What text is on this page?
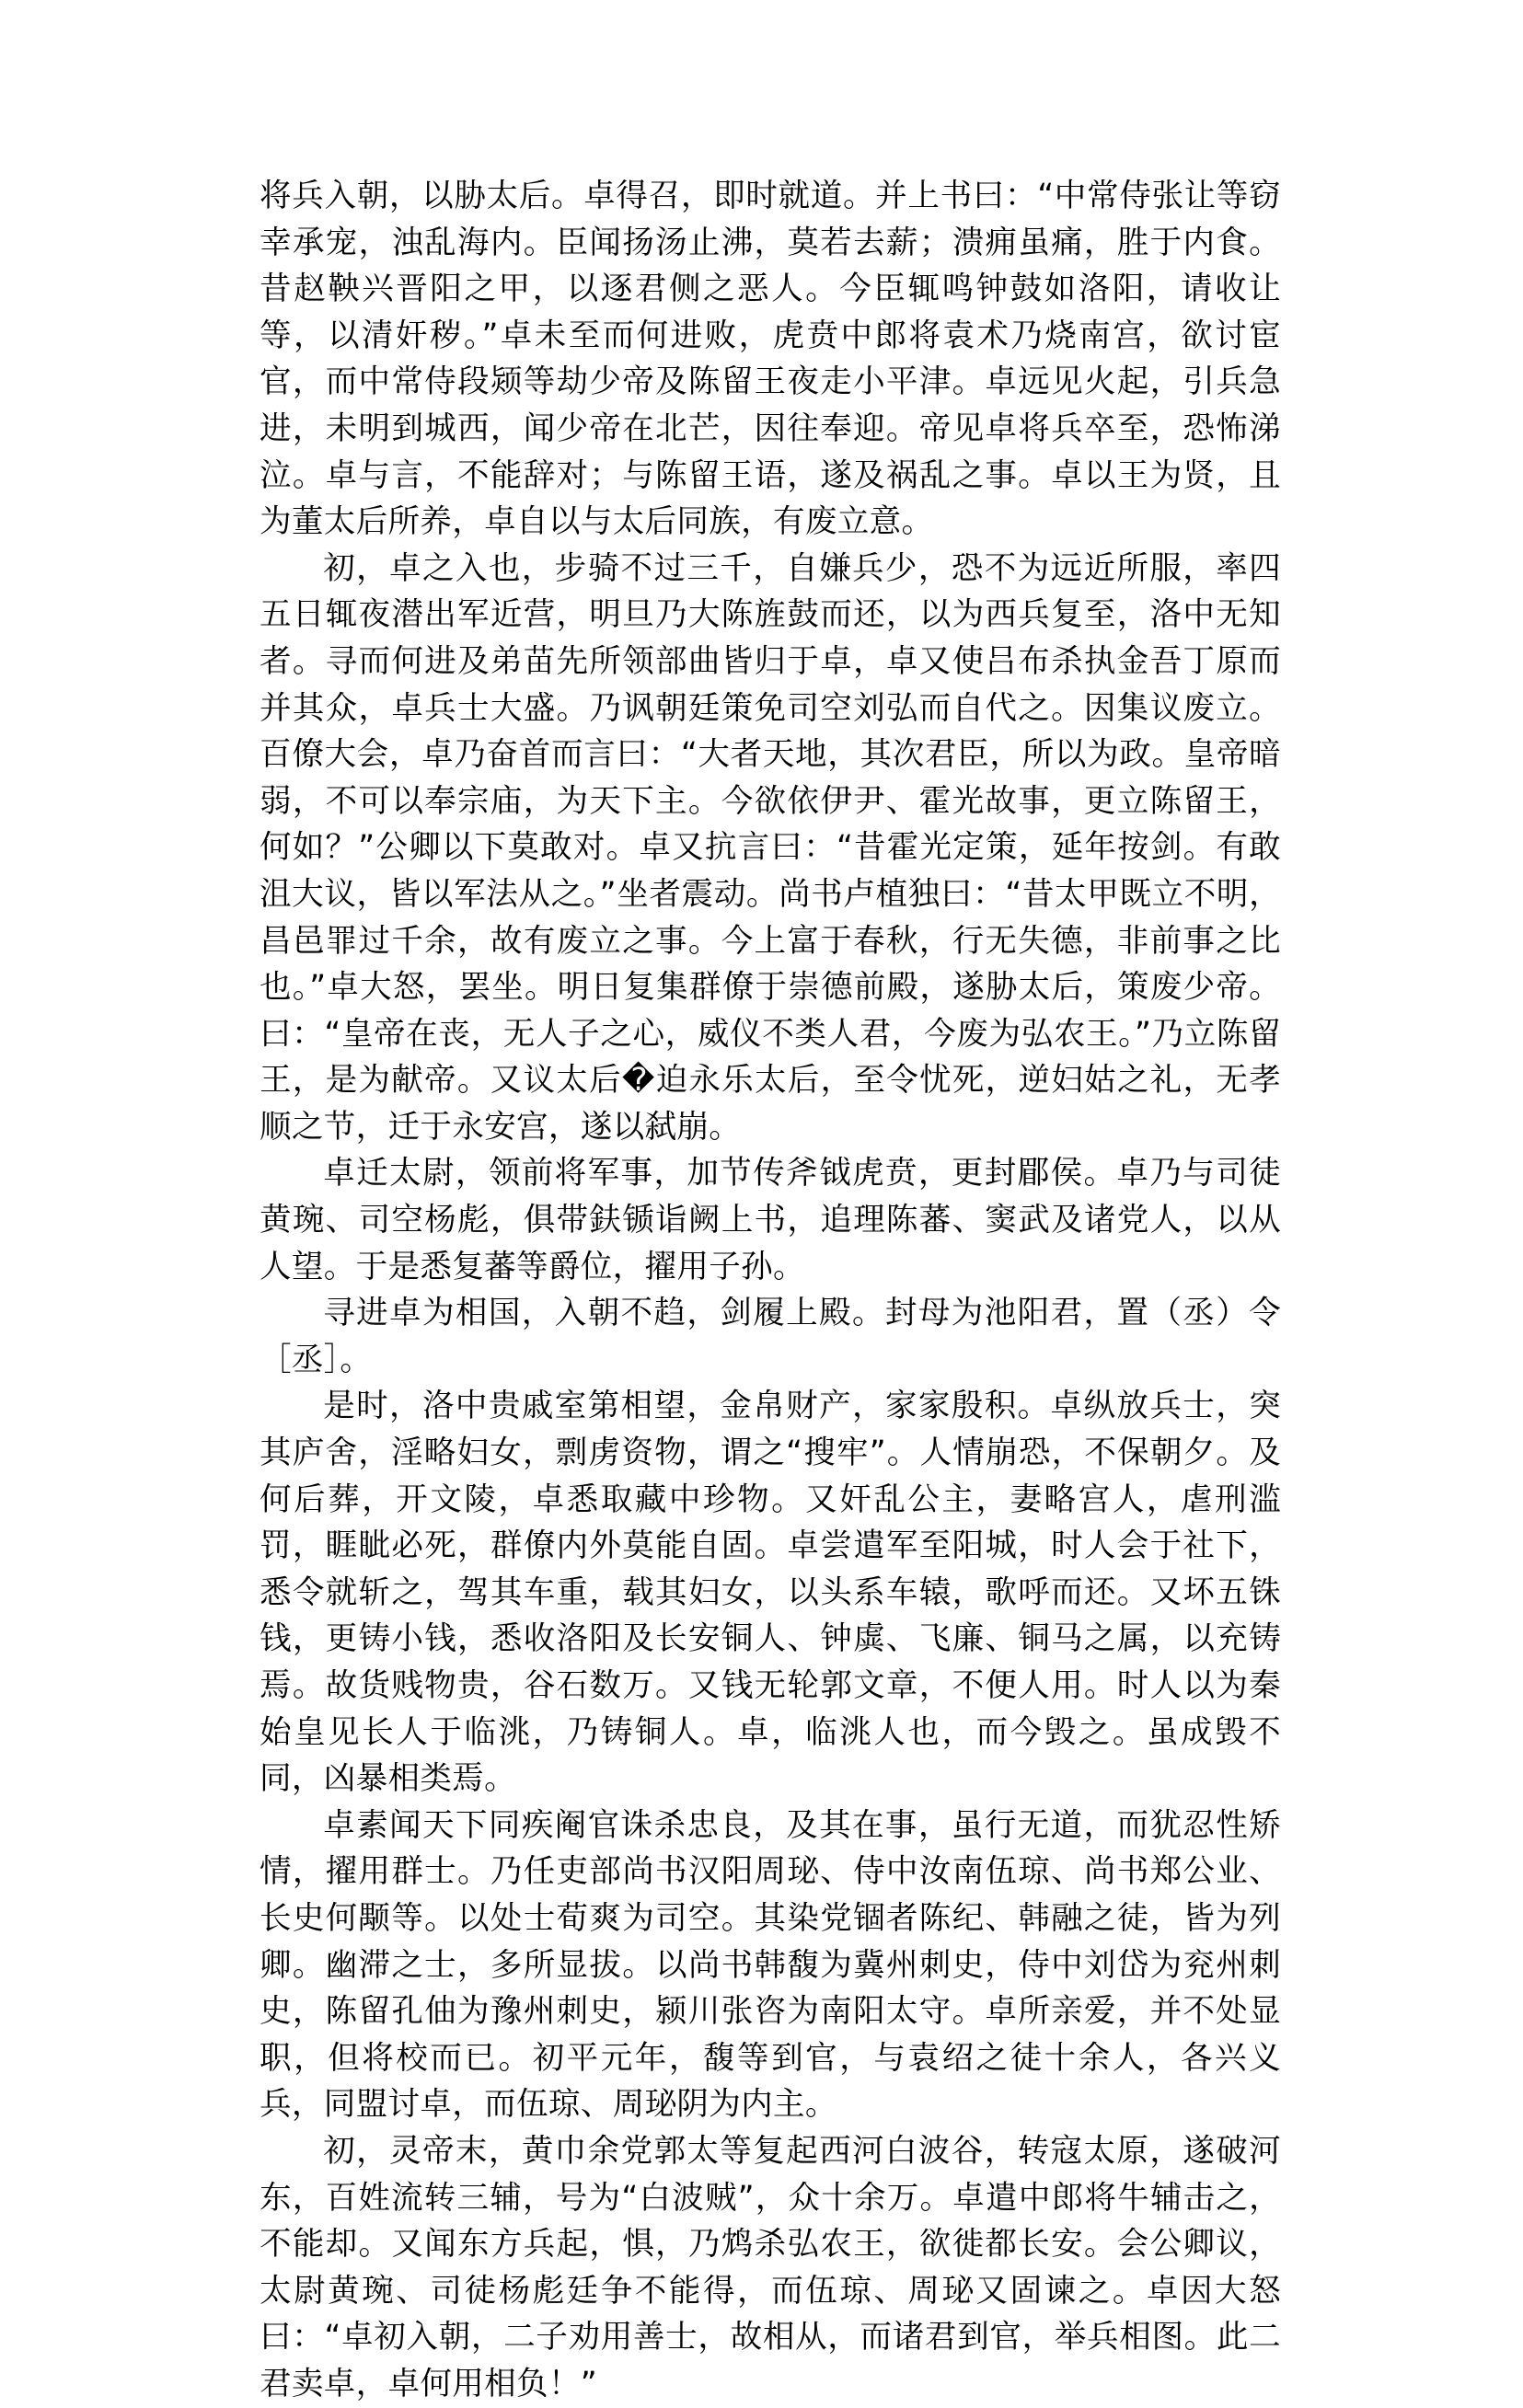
将兵入朝，以胁太后。卓得召，即时就道。并上书曰：“中常侍张让等窃幸承宠，浊乱海内。臣闻扬汤止沸，莫若去薪；溃痈虽痛，胜于内食。昔赵鞅兴晋阳之甲，以逐君侧之恶人。今臣辄鸣钟鼓如洛阳，请收让等，以清奸秽。”卓未至而何进败，虎贲中郎将袁术乃烧南宫，欲讨宦官，而中常侍段颎等劫少帝及陈留王夜走小平津。卓远见火起，引兵急进，未明到城西，闻少帝在北芒，因往奉迎。帝见卓将兵卒至，恐怖涕泣。卓与言，不能辞对；与陈留王语，遂及祸乱之事。卓以王为贤，且为董太后所养，卓自以与太后同族，有废立意。

初，卓之入也，步骑不过三千，自嫌兵少，恐不为远近所服，率四五日辄夜潜出军近营，明旦乃大陈旌鼓而还，以为西兵复至，洛中无知者。寻而何进及弟苗先所领部曲皆归于卓，卓又使吕布杀执金吾丁原而并其众，卓兵士大盛。乃讽朝廷策免司空刘弘而自代之。因集议废立。百僚大会，卓乃奋首而言曰：“大者天地，其次君臣，所以为政。皇帝暗弱，不可以奉宗庙，为天下主。今欲依伊尹、霍光故事，更立陈留王，何如？”公卿以下莫敢对。卓又抗言曰：“昔霍光定策，延年按剑。有敢沮大议，皆以军法从之。”坐者震动。尚书卢植独曰：“昔太甲既立不明，昌邑罪过千余，故有废立之事。今上富于春秋，行无失德，非前事之比也。”卓大怒，罢坐。明日复集群僚于崇德前殿，遂胁太后，策废少帝。曰：“皇帝在丧，无人子之心，威仪不类人君，今废为弘农王。”乃立陈留王，是为献帝。又议太后�迫永乐太后，至令忧死，逆妇姑之礼，无孝顺之节，迁于永安宫，遂以弑崩。

卓迁太尉，领前将军事，加节传斧钺虎贲，更封郿侯。卓乃与司徒黄琬、司空杨彪，俱带鈇锧诣阙上书，追理陈蕃、窦武及诸党人，以从人望。于是悉复蕃等爵位，擢用子孙。

寻进卓为相国，入朝不趋，剑履上殿。封母为池阳君，置（丞）令［丞］。

是时，洛中贵戚室第相望，金帛财产，家家殷积。卓纵放兵士，突其庐舍，淫略妇女，剽虏资物，谓之“搜牢”。人情崩恐，不保朝夕。及何后葬，开文陵，卓悉取藏中珍物。又奸乱公主，妻略宫人，虐刑滥罚，睚眦必死，群僚内外莫能自固。卓尝遣军至阳城，时人会于社下，悉令就斩之，驾其车重，载其妇女，以头系车辕，歌呼而还。又坏五铢钱，更铸小钱，悉收洛阳及长安铜人、钟虡、飞廉、铜马之属，以充铸焉。故货贱物贵，谷石数万。又钱无轮郭文章，不便人用。时人以为秦始皇见长人于临洮，乃铸铜人。卓，临洮人也，而今毁之。虽成毁不同，凶暴相类焉。

卓素闻天下同疾阉官诛杀忠良，及其在事，虽行无道，而犹忍性矫情，擢用群士。乃任吏部尚书汉阳周珌、侍中汝南伍琼、尚书郑公业、长史何颙等。以处士荀爽为司空。其染党锢者陈纪、韩融之徒，皆为列卿。幽滞之士，多所显拔。以尚书韩馥为冀州刺史，侍中刘岱为兖州刺史，陈留孔伷为豫州刺史，颍川张咨为南阳太守。卓所亲爱，并不处显职，但将校而已。初平元年，馥等到官，与袁绍之徒十余人，各兴义兵，同盟讨卓，而伍琼、周珌阴为内主。

初，灵帝末，黄巾余党郭太等复起西河白波谷，转寇太原，遂破河东，百姓流转三辅，号为“白波贼”，众十余万。卓遣中郎将牛辅击之，不能却。又闻东方兵起，惧，乃鸩杀弘农王，欲徙都长安。会公卿议，太尉黄琬、司徒杨彪廷争不能得，而伍琼、周珌又固谏之。卓因大怒曰：“卓初入朝，二子劝用善士，故相从，而诸君到官，举兵相图。此二君卖卓，卓何用相负！”
